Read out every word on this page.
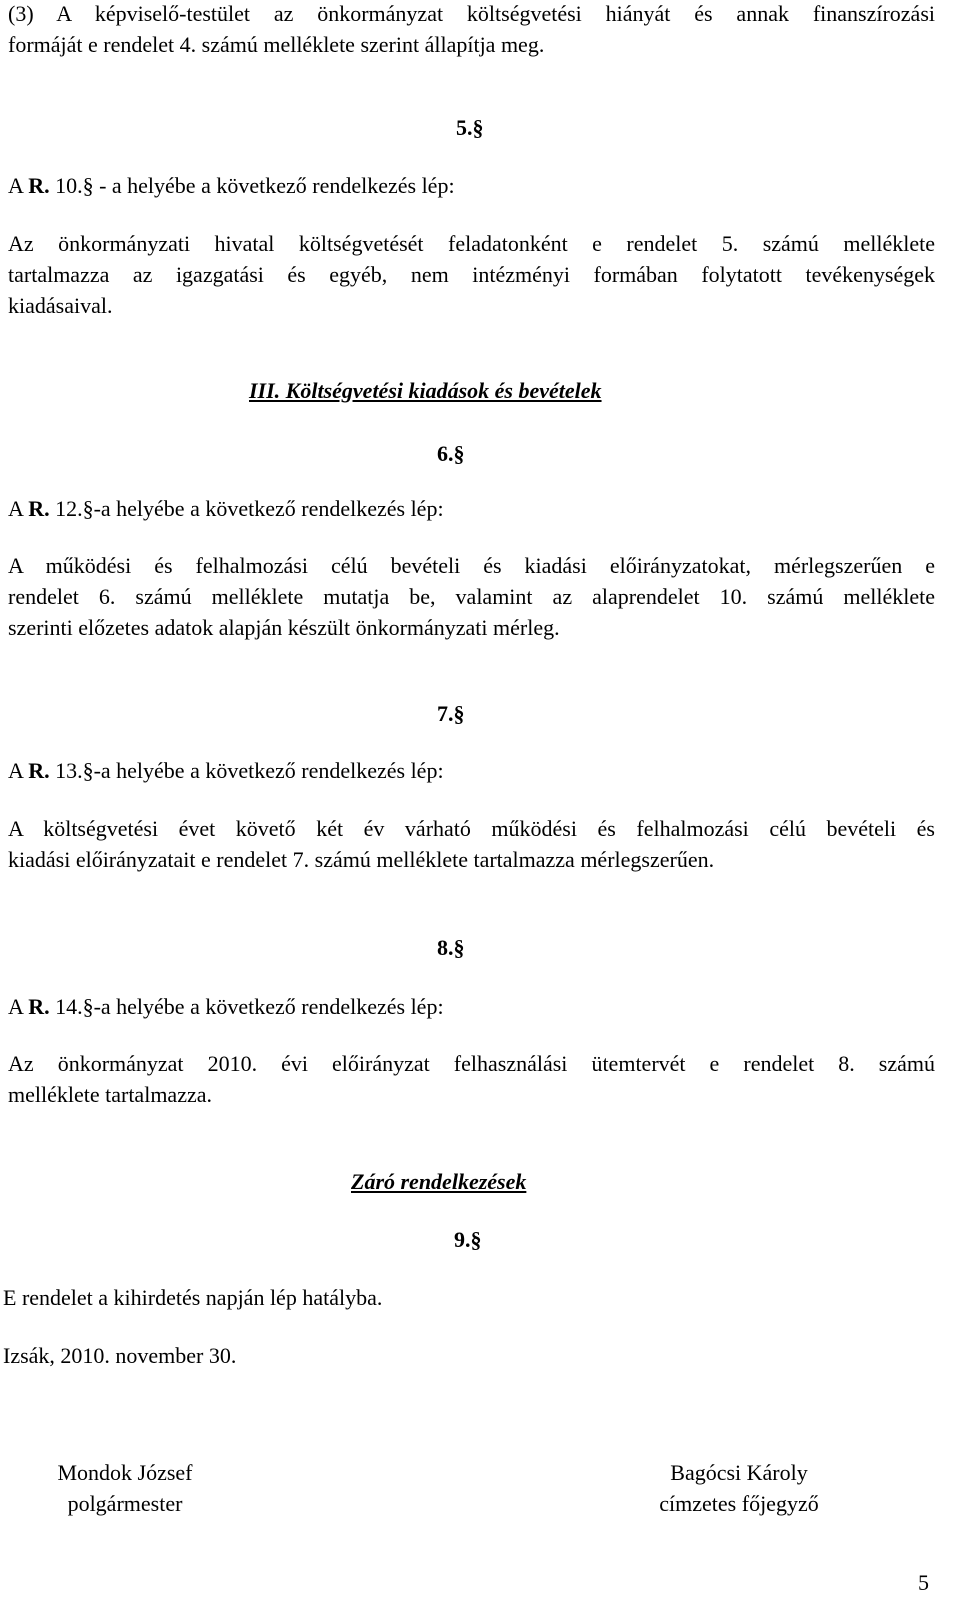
(3) A képviselő-testület az önkormányzat költségvetési hiányát és annak finanszírozási
formáját e rendelet 4. számú melléklete szerint állapítja meg.
5.§
A R. 10.§ - a helyébe a következő rendelkezés lép:
Az önkormányzati hivatal költségvetését feladatonként e rendelet 5. számú melléklete
tartalmazza az igazgatási és egyéb, nem intézményi formában folytatott tevékenységek
kiadásaival.
III. Költségvetési kiadások és bevételek
6.§
A R. 12.§-a helyébe a következő rendelkezés lép:
A működési és felhalmozási célú bevételi és kiadási előirányzatokat, mérlegszerűen e
rendelet 6. számú melléklete mutatja be, valamint az alaprendelet 10. számú melléklete
szerinti előzetes adatok alapján készült önkormányzati mérleg.
7.§
A R. 13.§-a helyébe a következő rendelkezés lép:
A költségvetési évet követő két év várható működési és felhalmozási célú bevételi és
kiadási előirányzatait e rendelet 7. számú melléklete tartalmazza mérlegszerűen.
8.§
A R. 14.§-a helyébe a következő rendelkezés lép:
Az önkormányzat 2010. évi előirányzat felhasználási ütemtervét e rendelet 8. számú
melléklete tartalmazza.
Záró rendelkezések
9.§
E rendelet a kihirdetés napján lép hatályba.
Izsák, 2010. november 30.
Mondok József
polgármester
Bagócsi Károly
címzetes főjegyző
5
